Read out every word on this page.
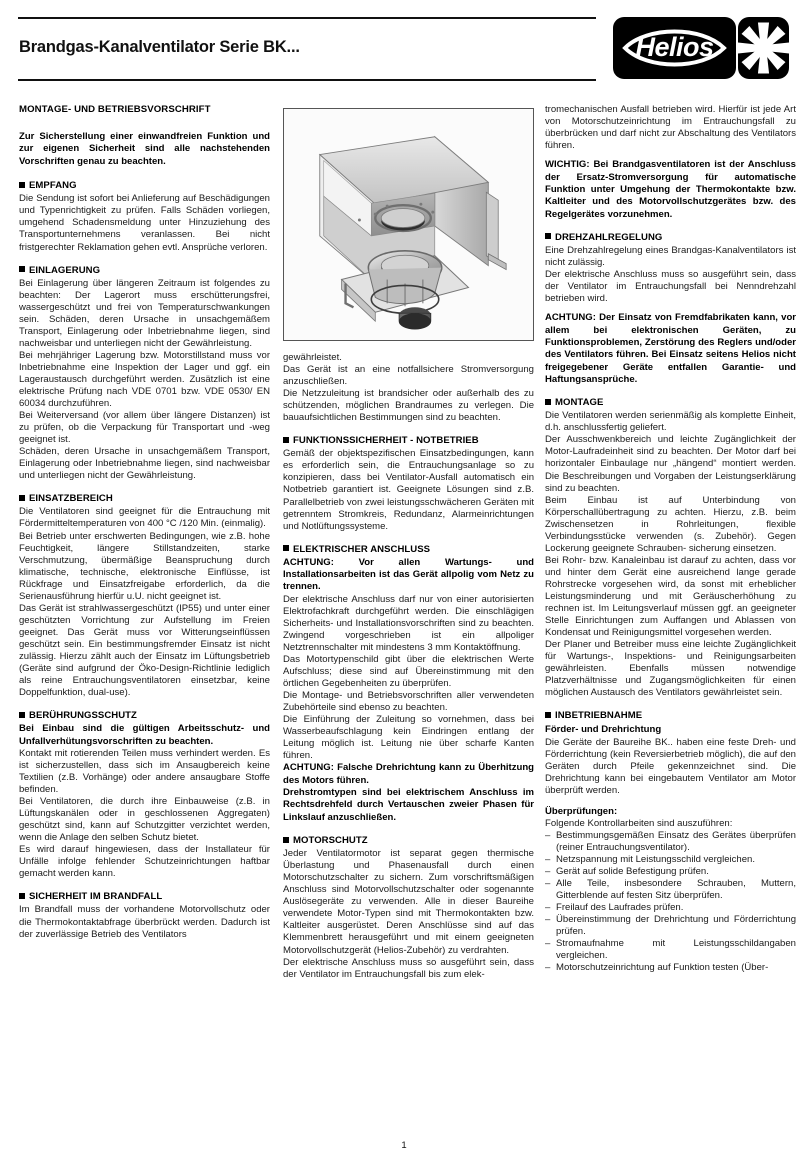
Brandgas-Kanalventilator Serie BK...	Helios

MONTAGE- UND BETRIEBSVORSCHRIFT

Zur Sicherstellung einer einwandfreien Funktion und zur eigenen Sicherheit sind alle nachstehenden Vorschriften genau zu beachten.

EMPFANG

Die Sendung ist sofort bei Anlieferung auf Beschädigungen und Typenrichtigkeit zu prüfen. Falls Schäden vorliegen, umgehend Schadensmeldung unter Hinzuziehung des Transportunternehmens veranlassen. Bei nicht fristgerechter Reklamation gehen evtl. Ansprüche verloren.

EINLAGERUNG

Bei Einlagerung über längeren Zeitraum ist folgendes zu beachten: Der Lagerort muss erschütterungsfrei, wassergeschützt und frei von Temperaturschwankungen sein. Schäden, deren Ursache in unsachgemäßem Transport, Einlagerung oder Inbetriebnahme liegen, sind nachweisbar und unterliegen nicht der Gewährleistung.

Bei mehrjähriger Lagerung bzw. Motorstillstand muss vor Inbetriebnahme eine Inspektion der Lager und ggf. ein Lageraustausch durchgeführt werden. Zusätzlich ist eine elektrische Prüfung nach VDE 0701 bzw. VDE 0530/ EN 60034 durchzuführen.

Bei Weiterversand (vor allem über längere Distanzen) ist zu prüfen, ob die Verpackung für Transportart und -weg geeignet ist.

Schäden, deren Ursache in unsachgemäßem Transport, Einlagerung oder Inbetriebnahme liegen, sind nachweisbar und unterliegen nicht der Gewährleistung.

EINSATZBEREICH

Die Ventilatoren sind geeignet für die Entrauchung mit Fördermitteltemperaturen von 400 °C /120 Min. (einmalig).

Bei Betrieb unter erschwerten Bedingungen, wie z.B. hohe Feuchtigkeit, längere Stillstandzeiten, starke Verschmutzung, übermäßige Beanspruchung durch klimatische, technische, elektronische Einflüsse, ist Rückfrage und Einsatzfreigabe erforderlich, da die Serienausführung hierfür u.U. nicht geeignet ist.

Das Gerät ist strahlwassergeschützt (IP55) und unter einer geschützten Vorrichtung zur Aufstellung im Freien geeignet. Das Gerät muss vor Witterungseinflüssen geschützt sein. Ein bestimmungsfremder Einsatz ist nicht zulässig. Hierzu zählt auch der Einsatz im Lüftungsbetrieb (Geräte sind aufgrund der Öko-Design-Richtlinie lediglich als reine Entrauchungsventilatoren einsetzbar, keine Doppelfunktion, dual-use).

BERÜHRUNGSSCHUTZ

Bei Einbau sind die gültigen Arbeitsschutz- und Unfallverhütungsvorschriften zu beachten.

Kontakt mit rotierenden Teilen muss verhindert werden. Es ist sicherzustellen, dass sich im Ansaugbereich keine Textilien (z.B. Vorhänge) oder andere ansaugbare Stoffe befinden.

Bei Ventilatoren, die durch ihre Einbauweise (z.B. in Lüftungskanälen oder in geschlossenen Aggregaten) geschützt sind, kann auf Schutzgitter verzichtet werden, wenn die Anlage den selben Schutz bietet.

Es wird darauf hingewiesen, dass der Installateur für Unfälle infolge fehlender Schutzeinrichtungen haftbar gemacht werden kann.

SICHERHEIT IM BRANDFALL

Im Brandfall muss der vorhandene Motorvollschutz oder die Thermokontaktabfrage überbrückt werden. Dadurch ist der zuverlässige Betrieb des Ventilators

gewährleistet.

Das Gerät ist an eine notfallsichere Stromversorgung anzuschließen.

Die Netzzuleitung ist brandsicher oder außerhalb des zu schützenden, möglichen Brandraumes zu verlegen. Die bauaufsichtlichen Bestimmungen sind zu beachten.

FUNKTIONSSICHERHEIT - NOTBETRIEB

Gemäß der objektspezifischen Einsatzbedingungen, kann es erforderlich sein, die Entrauchungsanlage so zu konzipieren, dass bei Ventilator-Ausfall automatisch ein Notbetrieb garantiert ist. Geeignete Lösungen sind z.B. Parallelbetrieb von zwei leistungsschwächeren Geräten mit getrenntem Stromkreis, Redundanz, Alarmeinrichtungen und Notlüftungssysteme.

ELEKTRISCHER ANSCHLUSS

ACHTUNG: Vor allen Wartungs- und Installationsarbeiten ist das Gerät allpolig vom Netz zu trennen.

Der elektrische Anschluss darf nur von einer autorisierten Elektrofachkraft durchgeführt werden. Die einschlägigen Sicherheits- und Installationsvorschriften sind zu beachten. Zwingend vorgeschrieben ist ein allpoliger Netztrennschalter mit mindestens 3 mm Kontaktöffnung.

Das Motortypenschild gibt über die elektrischen Werte Aufschluss; diese sind auf Übereinstimmung mit den örtlichen Gegebenheiten zu überprüfen.

Die Montage- und Betriebsvorschriften aller verwendeten Zubehörteile sind ebenso zu beachten.

Die Einführung der Zuleitung so vornehmen, dass bei Wasserbeaufschlagung kein Eindringen entlang der Leitung möglich ist. Leitung nie über scharfe Kanten führen.

ACHTUNG: Falsche Drehrichtung kann zu Überhitzung des Motors führen.

Drehstromtypen sind bei elektrischem Anschluss im Rechtsdrehfeld durch Vertauschen zweier Phasen für Linkslauf anzuschließen.

MOTORSCHUTZ

Jeder Ventilatormotor ist separat gegen thermische Überlastung und Phasenausfall durch einen Motorschutzschalter zu sichern. Zum vorschriftsmäßigen Anschluss sind Motorvollschutzschalter oder sogenannte Auslösegeräte zu verwenden. Alle in dieser Baureihe verwendete Motor-Typen sind mit Thermokontakten bzw. Kaltleiter ausgerüstet. Deren Anschlüsse sind auf das Klemmenbrett herausgeführt und mit einem geeigneten Motorvollschutzgerät (Helios-Zubehör) zu verdrahten.

Der elektrische Anschluss muss so ausgeführt sein, dass der Ventilator im Entrauchungsfall bis zum elek-

tromechanischen Ausfall betrieben wird. Hierfür ist jede Art von Motorschutzeinrichtung im Entrauchungsfall zu überbrücken und darf nicht zur Abschaltung des Ventilators führen.

WICHTIG: Bei Brandgasventilatoren ist der Anschluss der Ersatz-Stromversorgung für automatische Funktion unter Umgehung der Thermokontakte bzw. Kaltleiter und des Motorvollschutzgerätes bzw. des Regelgerätes vorzunehmen.

DREHZAHLREGELUNG

Eine Drehzahlregelung eines Brandgas-Kanalventilators ist nicht zulässig.

Der elektrische Anschluss muss so ausgeführt sein, dass der Ventilator im Entrauchungsfall bei Nenndrehzahl betrieben wird.

ACHTUNG: Der Einsatz von Fremdfabrikaten kann, vor allem bei elektronischen Geräten, zu Funktionsproblemen, Zerstörung des Reglers und/oder des Ventilators führen. Bei Einsatz seitens Helios nicht freigegebener Geräte entfallen Garantie- und Haftungsansprüche.

MONTAGE

Die Ventilatoren werden serienmäßig als komplette Einheit, d.h. anschlussfertig geliefert.

Der Ausschwenkbereich und leichte Zugänglichkeit der Motor-Laufradeinheit sind zu beachten. Der Motor darf bei horizontaler Einbaulage nur „hängend“ montiert werden. Die Beschreibungen und Vorgaben der Leistungserklärung sind zu beachten.

Beim Einbau ist auf Unterbindung von Körperschallübertragung zu achten. Hierzu, z.B. beim Zwischensetzen in Rohrleitungen, flexible Verbindungsstücke verwenden (s. Zubehör). Gegen Lockerung geeignete Schrauben- sicherung einsetzen.

Bei Rohr- bzw. Kanaleinbau ist darauf zu achten, dass vor und hinter dem Gerät eine ausreichend lange gerade Rohrstrecke vorgesehen wird, da sonst mit erheblicher Leistungsminderung und mit Geräuscherhöhung zu rechnen ist. Im Leitungsverlauf müssen ggf. an geeigneter Stelle Einrichtungen zum Auffangen und Ablassen von Kondensat und Reinigungsmittel vorgesehen werden.

Der Planer und Betreiber muss eine leichte Zugänglichkeit für Wartungs-, Inspektions- und Reinigungsarbeiten gewährleisten. Ebenfalls müssen notwendige Platzverhältnisse und Zugangsmöglichkeiten für einen möglichen Austausch des Ventilators gewährleistet sein.

INBETRIEBNAHME

Förder- und Drehrichtung

Die Geräte der Baureihe BK.. haben eine feste Dreh- und Förderrichtung (kein Reversierbetrieb möglich), die auf den Geräten durch Pfeile gekennzeichnet sind. Die Drehrichtung kann bei eingebautem Ventilator am Motor überprüft werden.

Überprüfungen:

Folgende Kontrollarbeiten sind auszuführen:

– Bestimmungsgemäßen Einsatz des Gerätes überprüfen (reiner Entrauchungsventilator).
– Netzspannung mit Leistungsschild vergleichen.
– Gerät auf solide Befestigung prüfen.
– Alle Teile, insbesondere Schrauben, Muttern, Gitterblende auf festen Sitz überprüfen.
– Freilauf des Laufrades prüfen.
– Übereinstimmung der Drehrichtung und Förderrichtung prüfen.
– Stromaufnahme mit Leistungsschildangaben vergleichen.
– Motorschutzeinrichtung auf Funktion testen (Über-
1
